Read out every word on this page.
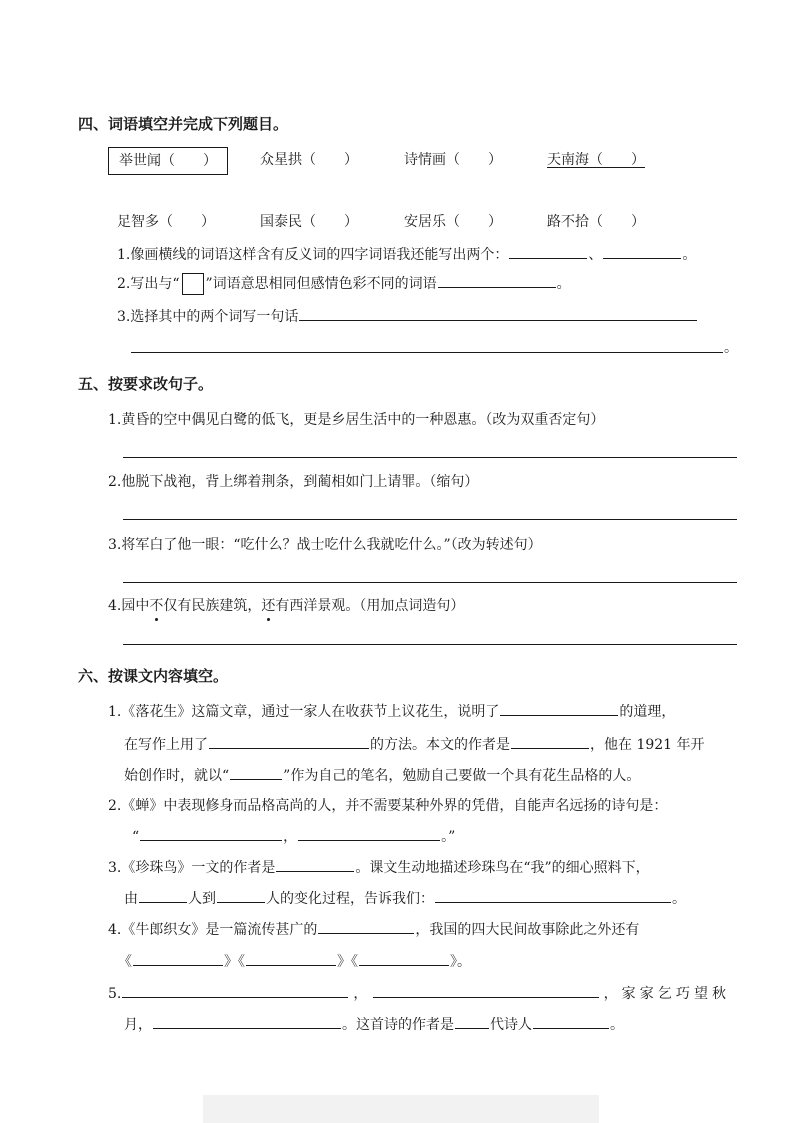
四、词语填空并完成下列题目。
举世闻（　　）	众星拱（　　）	诗情画（　　）	天南海（　　）
足智多（　　）	国泰民（　　）	安居乐（　　）	路不拾（　　）
1.像画横线的词语这样含有反义词的四字词语我还能写出两个：	、	。
2.写出与“ ”词语意思相同但感情色彩不同的词语	。
3.选择其中的两个词写一句话
。
五、按要求改句子。
1.黄昏的空中偶见白鹭的低飞，更是乡居生活中的一种恩惠。（改为双重否定句）
2.他脱下战袍，背上绑着荆条，到蔺相如门上请罪。（缩句）
3.将军白了他一眼：“吃什么？战士吃什么我就吃什么。”（改为转述句）
4.园中不仅有民族建筑，还有西洋景观。（用加点词造句）
六、按课文内容填空。
1.《落花生》这篇文章，通过一家人在收获节上议花生，说明了	的道理，
在写作上用了	的方法。本文的作者是	，他在 1921 年开
始创作时，就以“	”作为自己的笔名，勉励自己要做一个具有花生品格的人。
2.《蝉》中表现修身而品格高尚的人，并不需要某种外界的凭借，自能声名远扬的诗句是：
“	，	。”
3.《珍珠鸟》一文的作者是	。课文生动地描述珍珠鸟在“我”的细心照料下，
由	人到	人的变化过程，告诉我们：	。
4.《牛郎织女》是一篇流传甚广的	，我国的四大民间故事除此之外还有
《	》《	》《	》。
5.	，	，家家乞巧望秋
月，	。这首诗的作者是	代诗人	。
